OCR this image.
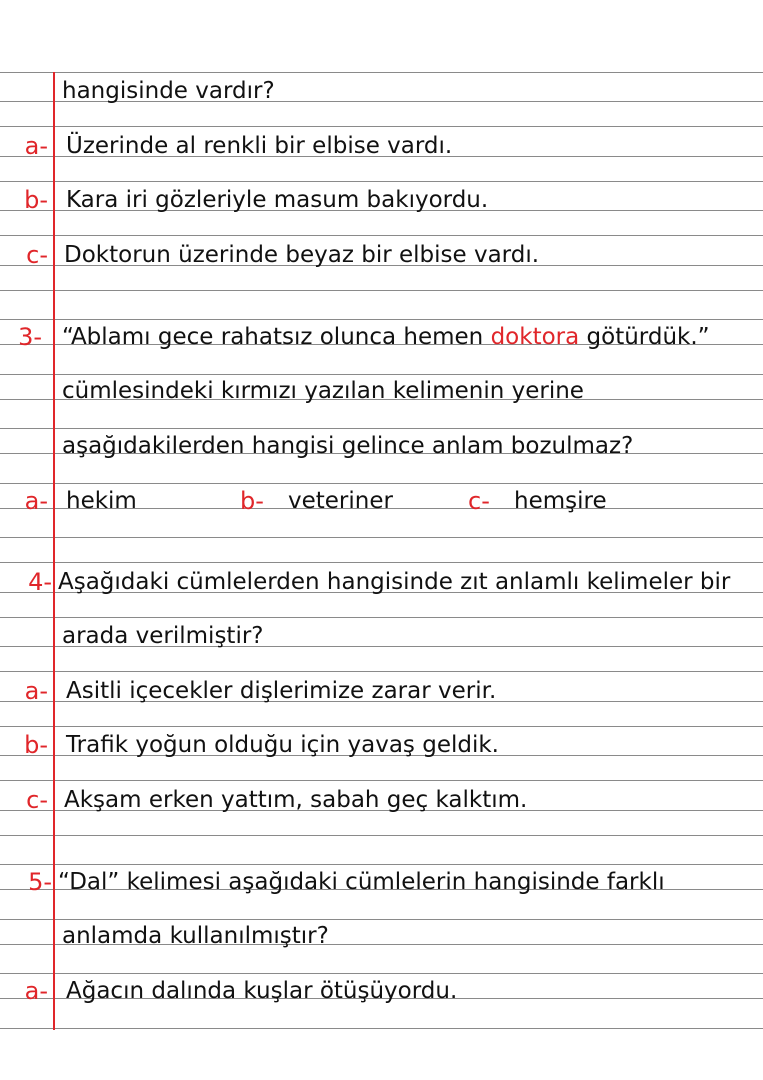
hangisinde vardır?
a- Üzerinde al renkli bir elbise vardı.
b- Kara iri gözleriyle masum bakıyordu.
c- Doktorun üzerinde beyaz bir elbise vardı.
3- “Ablamı gece rahatsız olunca hemen doktora götürdük.”
cümlesindeki kırmızı yazılan kelimenin yerine
aşağıdakilerden hangisi gelince anlam bozulmaz?
a- hekim	b- veteriner	c- hemşire
4- Aşağıdaki cümlelerden hangisinde zıt anlamlı kelimeler bir
arada verilmiştir?
a- Asitli içecekler dişlerimize zarar verir.
b- Trafik yoğun olduğu için yavaş geldik.
c- Akşam erken yattım, sabah geç kalktım.
5- “Dal” kelimesi aşağıdaki cümlelerin hangisinde farklı
anlamda kullanılmıştır?
a- Ağacın dalında kuşlar ötüşüyordu.
